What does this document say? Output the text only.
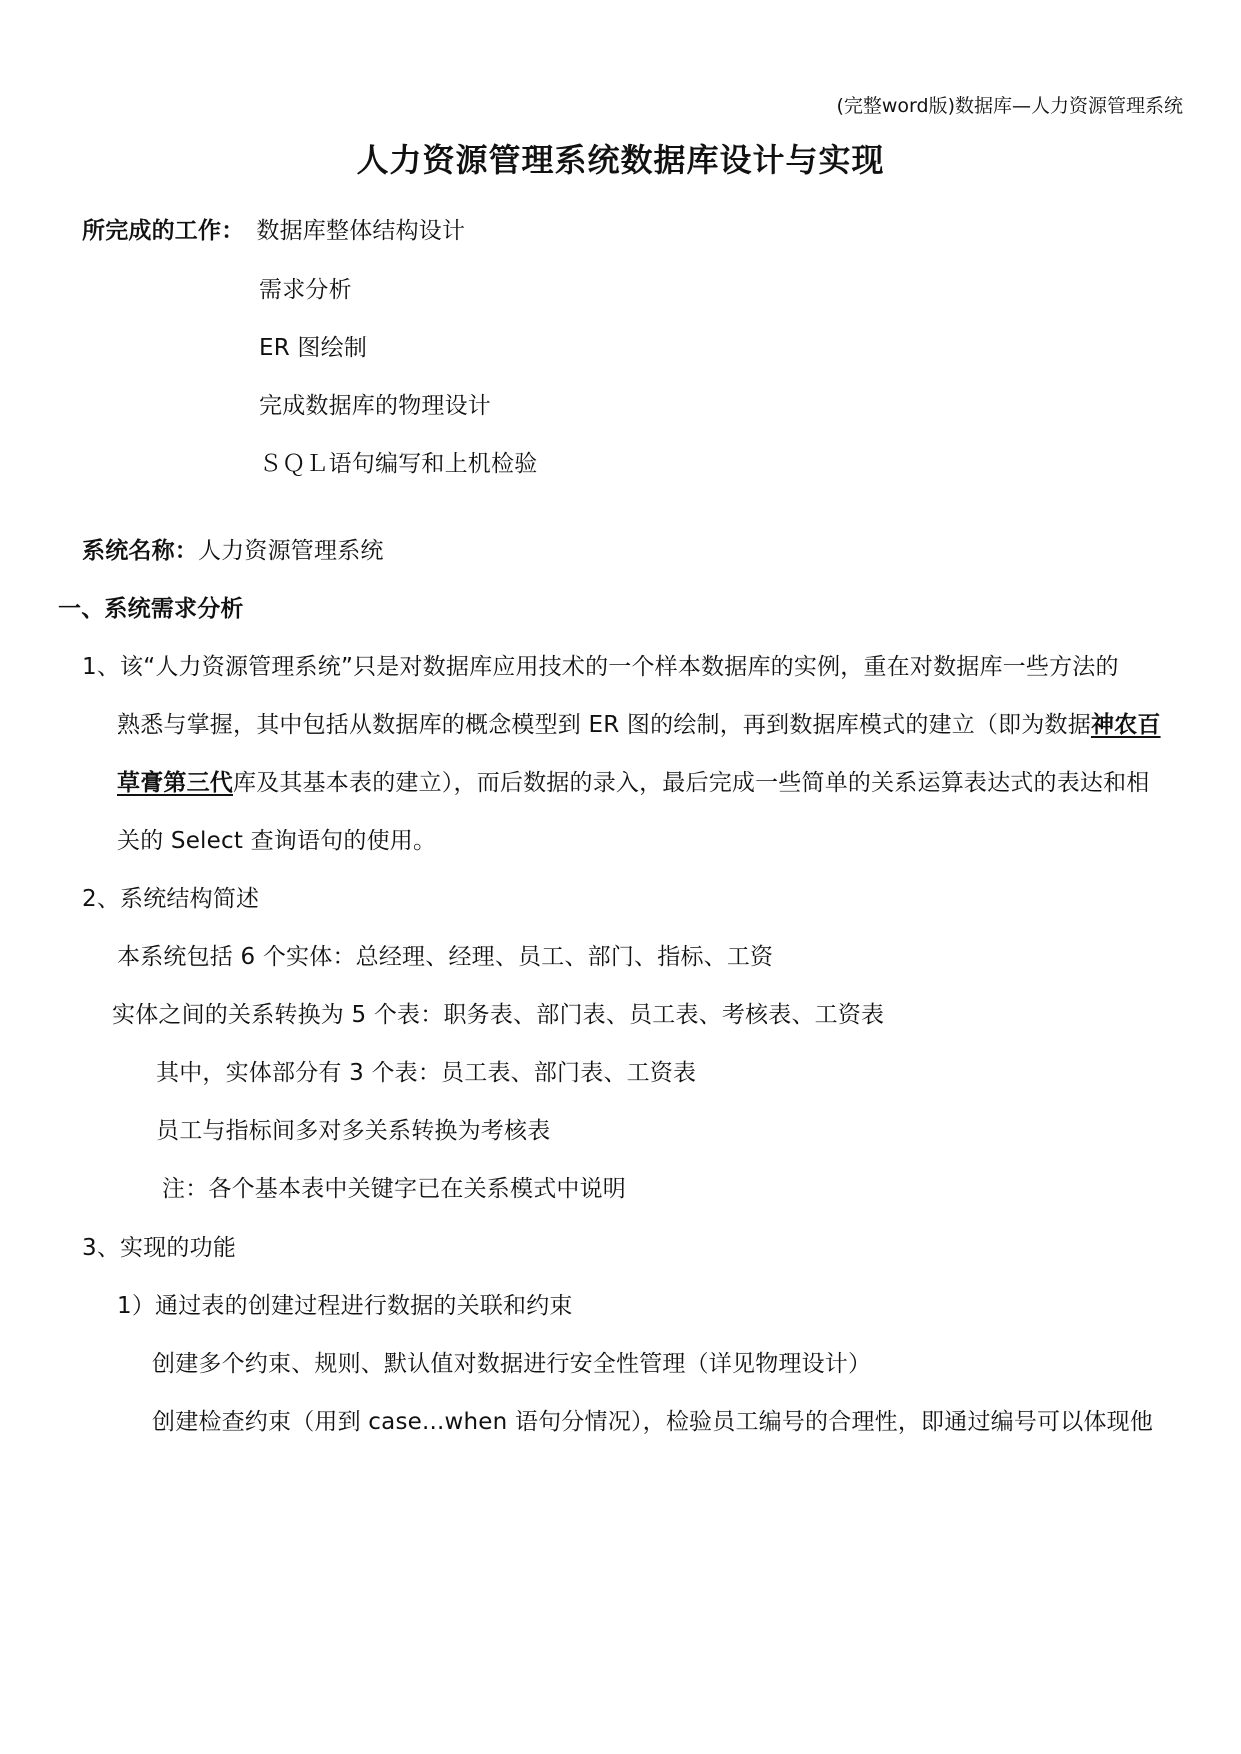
(完整word版)数据库—人力资源管理系统
人力资源管理系统数据库设计与实现
所完成的工作： 数据库整体结构设计
需求分析
ER 图绘制
完成数据库的物理设计
ＳＱＬ语句编写和上机检验
系统名称：人力资源管理系统
一、系统需求分析
1、该“人力资源管理系统”只是对数据库应用技术的一个样本数据库的实例，重在对数据库一些方法的
熟悉与掌握，其中包括从数据库的概念模型到 ER 图的绘制，再到数据库模式的建立（即为数据神农百
草膏第三代库及其基本表的建立），而后数据的录入，最后完成一些简单的关系运算表达式的表达和相
关的 Select 查询语句的使用。
2、系统结构简述
本系统包括 6 个实体：总经理、经理、员工、部门、指标、工资
实体之间的关系转换为 5 个表：职务表、部门表、员工表、考核表、工资表
其中，实体部分有 3 个表：员工表、部门表、工资表
员工与指标间多对多关系转换为考核表
注：各个基本表中关键字已在关系模式中说明
3、实现的功能
1）通过表的创建过程进行数据的关联和约束
创建多个约束、规则、默认值对数据进行安全性管理（详见物理设计）
创建检查约束（用到 case...when 语句分情况），检验员工编号的合理性，即通过编号可以体现他
